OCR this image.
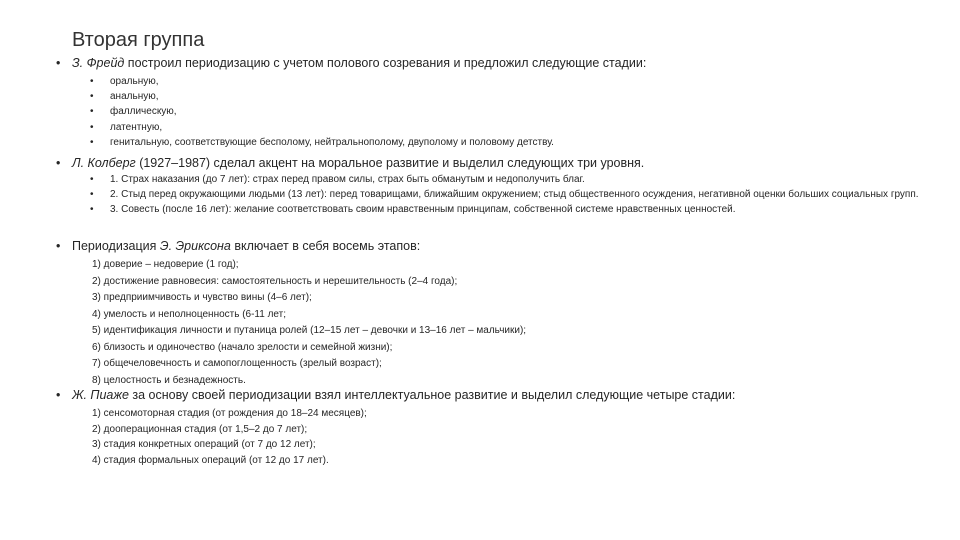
Вторая группа
• З. Фрейд построил периодизацию с учетом полового созревания и предложил следующие стадии:
• оральную,
• анальную,
• фаллическую,
• латентную,
• генитальную, соответствующие бесполому, нейтральнополому, двуполому и половому детству.
• Л. Колберг (1927–1987) сделал акцент на моральное развитие и выделил следующих три уровня.
• 1. Страх наказания (до 7 лет): страх перед правом силы, страх быть обманутым и недополучить благ.
• 2. Стыд перед окружающими людьми (13 лет): перед товарищами, ближайшим окружением; стыд общественного осуждения, негативной оценки больших социальных групп.
• 3. Совесть (после 16 лет): желание соответствовать своим нравственным принципам, собственной системе нравственных ценностей.
• Периодизация Э. Эриксона включает в себя восемь этапов:
1) доверие – недоверие (1 год);
2) достижение равновесия: самостоятельность и нерешительность (2–4 года);
3) предприимчивость и чувство вины (4–6 лет);
4) умелость и неполноценность (6-11 лет;
5) идентификация личности и путаница ролей (12–15 лет – девочки и 13–16 лет – мальчики);
6) близость и одиночество (начало зрелости и семейной жизни);
7) общечеловечность и самопоглощенность (зрелый возраст);
8) целостность и безнадежность.
• Ж. Пиаже за основу своей периодизации взял интеллектуальное развитие и выделил следующие четыре стадии:
1) сенсомоторная стадия (от рождения до 18–24 месяцев);
2) дооперационная стадия (от 1,5–2 до 7 лет);
3) стадия конкретных операций (от 7 до 12 лет);
4) стадия формальных операций (от 12 до 17 лет).
